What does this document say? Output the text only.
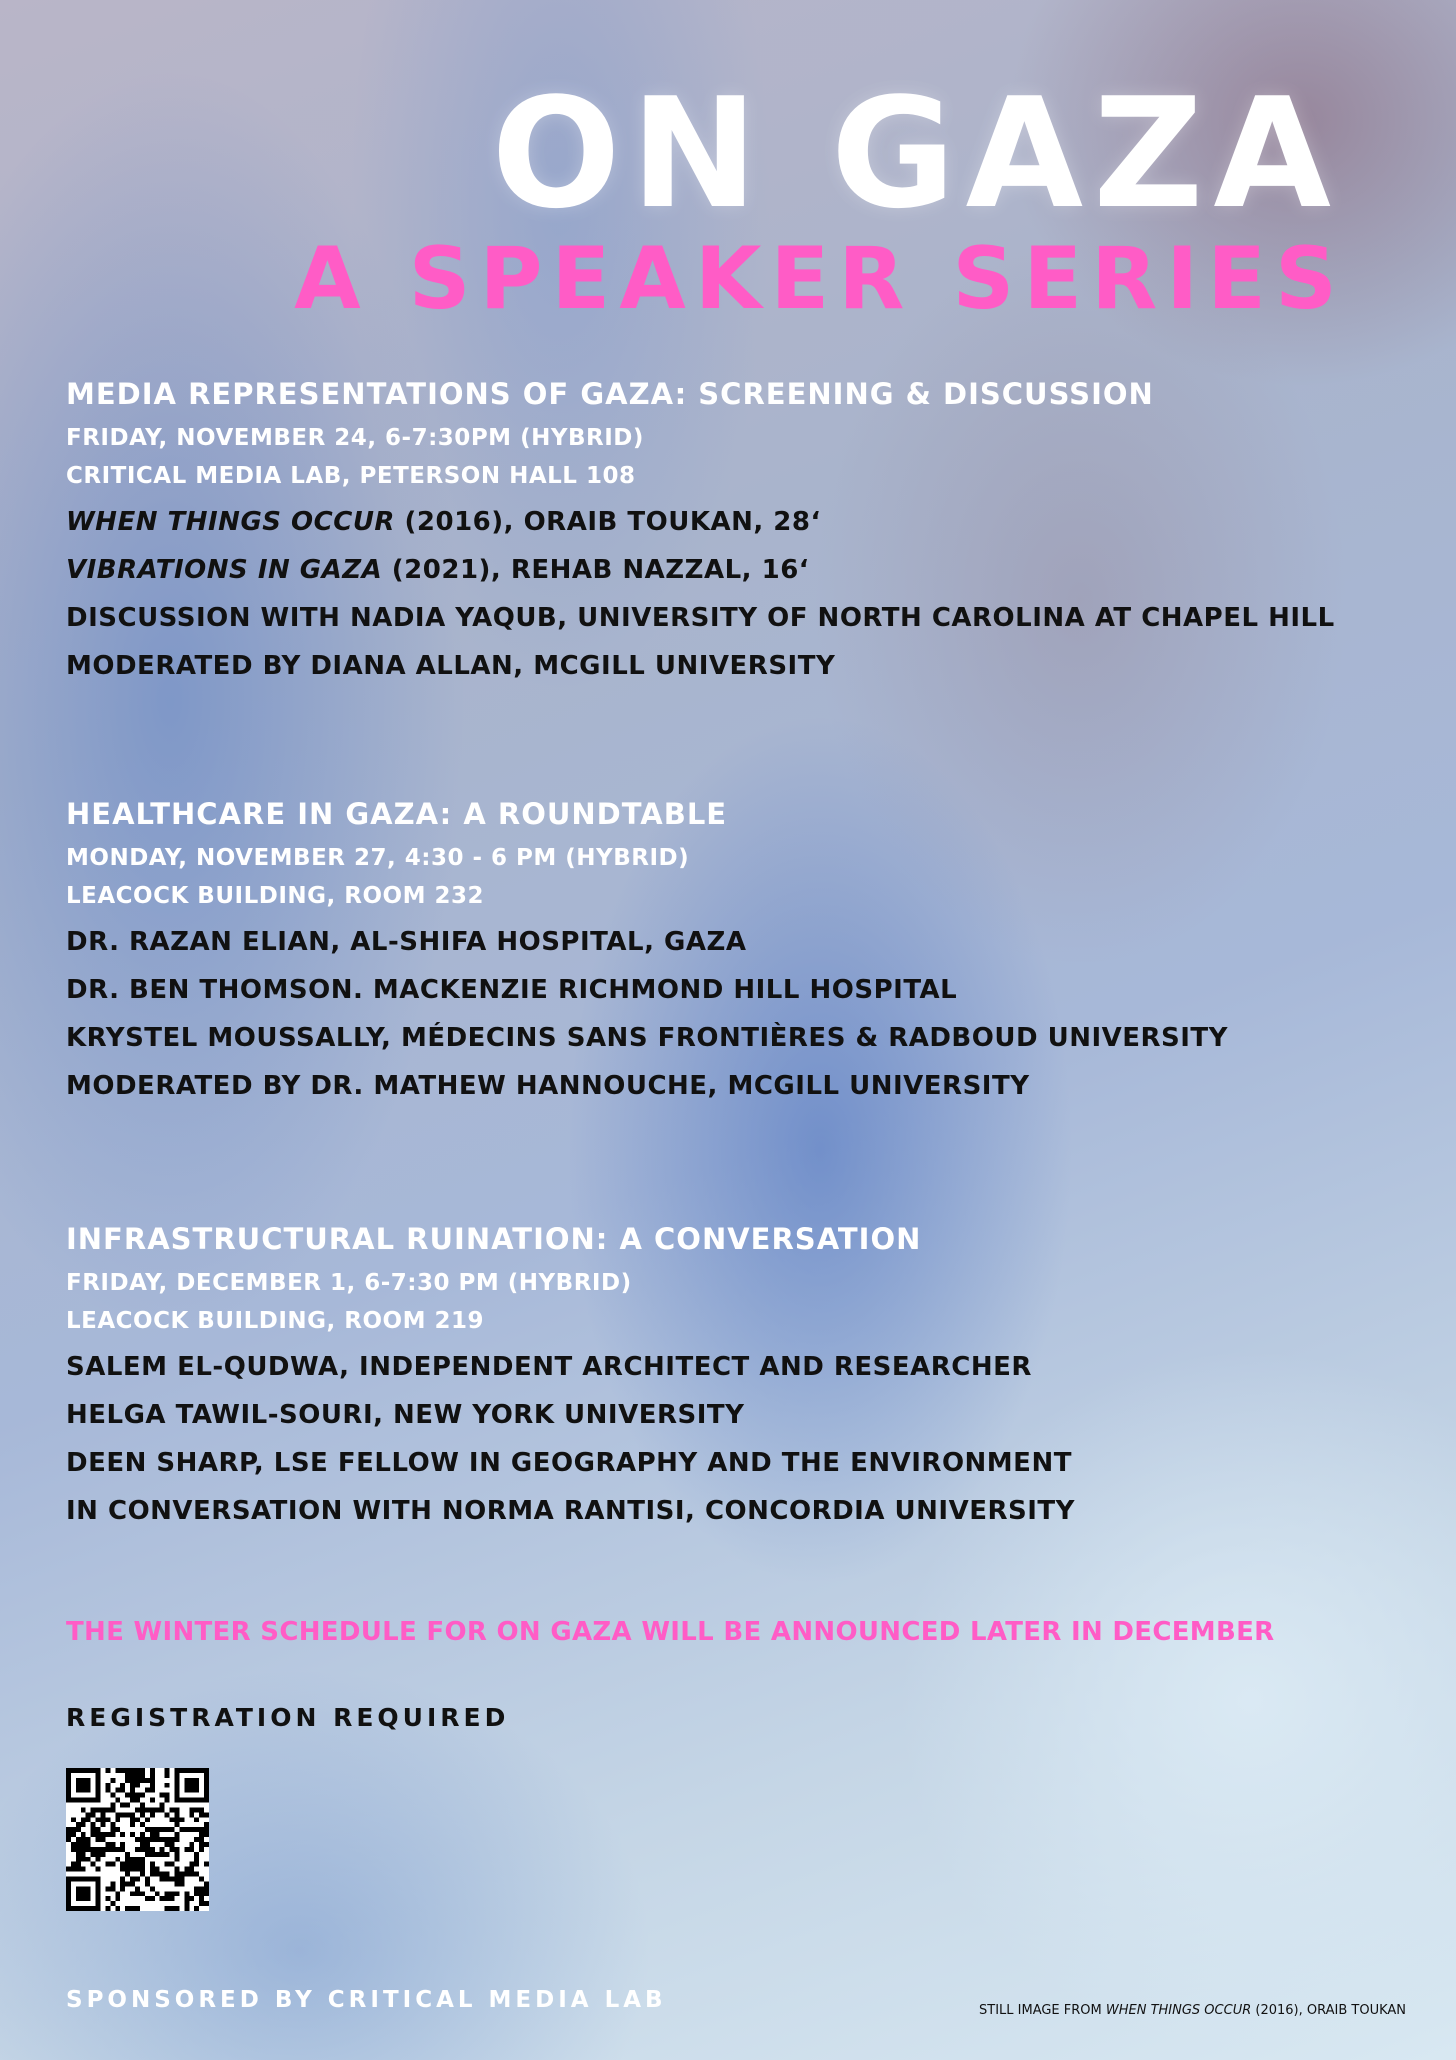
ON GAZA
A SPEAKER SERIES
MEDIA REPRESENTATIONS OF GAZA: SCREENING & DISCUSSION
FRIDAY, NOVEMBER 24, 6-7:30PM (HYBRID)
CRITICAL MEDIA LAB, PETERSON HALL 108
WHEN THINGS OCCUR (2016), ORAIB TOUKAN, 28‘
VIBRATIONS IN GAZA (2021), REHAB NAZZAL, 16‘
DISCUSSION WITH NADIA YAQUB, UNIVERSITY OF NORTH CAROLINA AT CHAPEL HILL
MODERATED BY DIANA ALLAN, MCGILL UNIVERSITY
HEALTHCARE IN GAZA: A ROUNDTABLE
MONDAY, NOVEMBER 27, 4:30 - 6 PM (HYBRID)
LEACOCK BUILDING, ROOM 232
DR. RAZAN ELIAN, AL-SHIFA HOSPITAL, GAZA
DR. BEN THOMSON. MACKENZIE RICHMOND HILL HOSPITAL
KRYSTEL MOUSSALLY, MÉDECINS SANS FRONTIÈRES & RADBOUD UNIVERSITY
MODERATED BY DR. MATHEW HANNOUCHE, MCGILL UNIVERSITY
INFRASTRUCTURAL RUINATION: A CONVERSATION
FRIDAY, DECEMBER 1, 6-7:30 PM (HYBRID)
LEACOCK BUILDING, ROOM 219
SALEM EL-QUDWA, INDEPENDENT ARCHITECT AND RESEARCHER
HELGA TAWIL-SOURI, NEW YORK UNIVERSITY
DEEN SHARP, LSE FELLOW IN GEOGRAPHY AND THE ENVIRONMENT
IN CONVERSATION WITH NORMA RANTISI, CONCORDIA UNIVERSITY
THE WINTER SCHEDULE FOR ON GAZA WILL BE ANNOUNCED LATER IN DECEMBER
REGISTRATION REQUIRED
SPONSORED BY CRITICAL MEDIA LAB	STILL IMAGE FROM WHEN THINGS OCCUR (2016), ORAIB TOUKAN
